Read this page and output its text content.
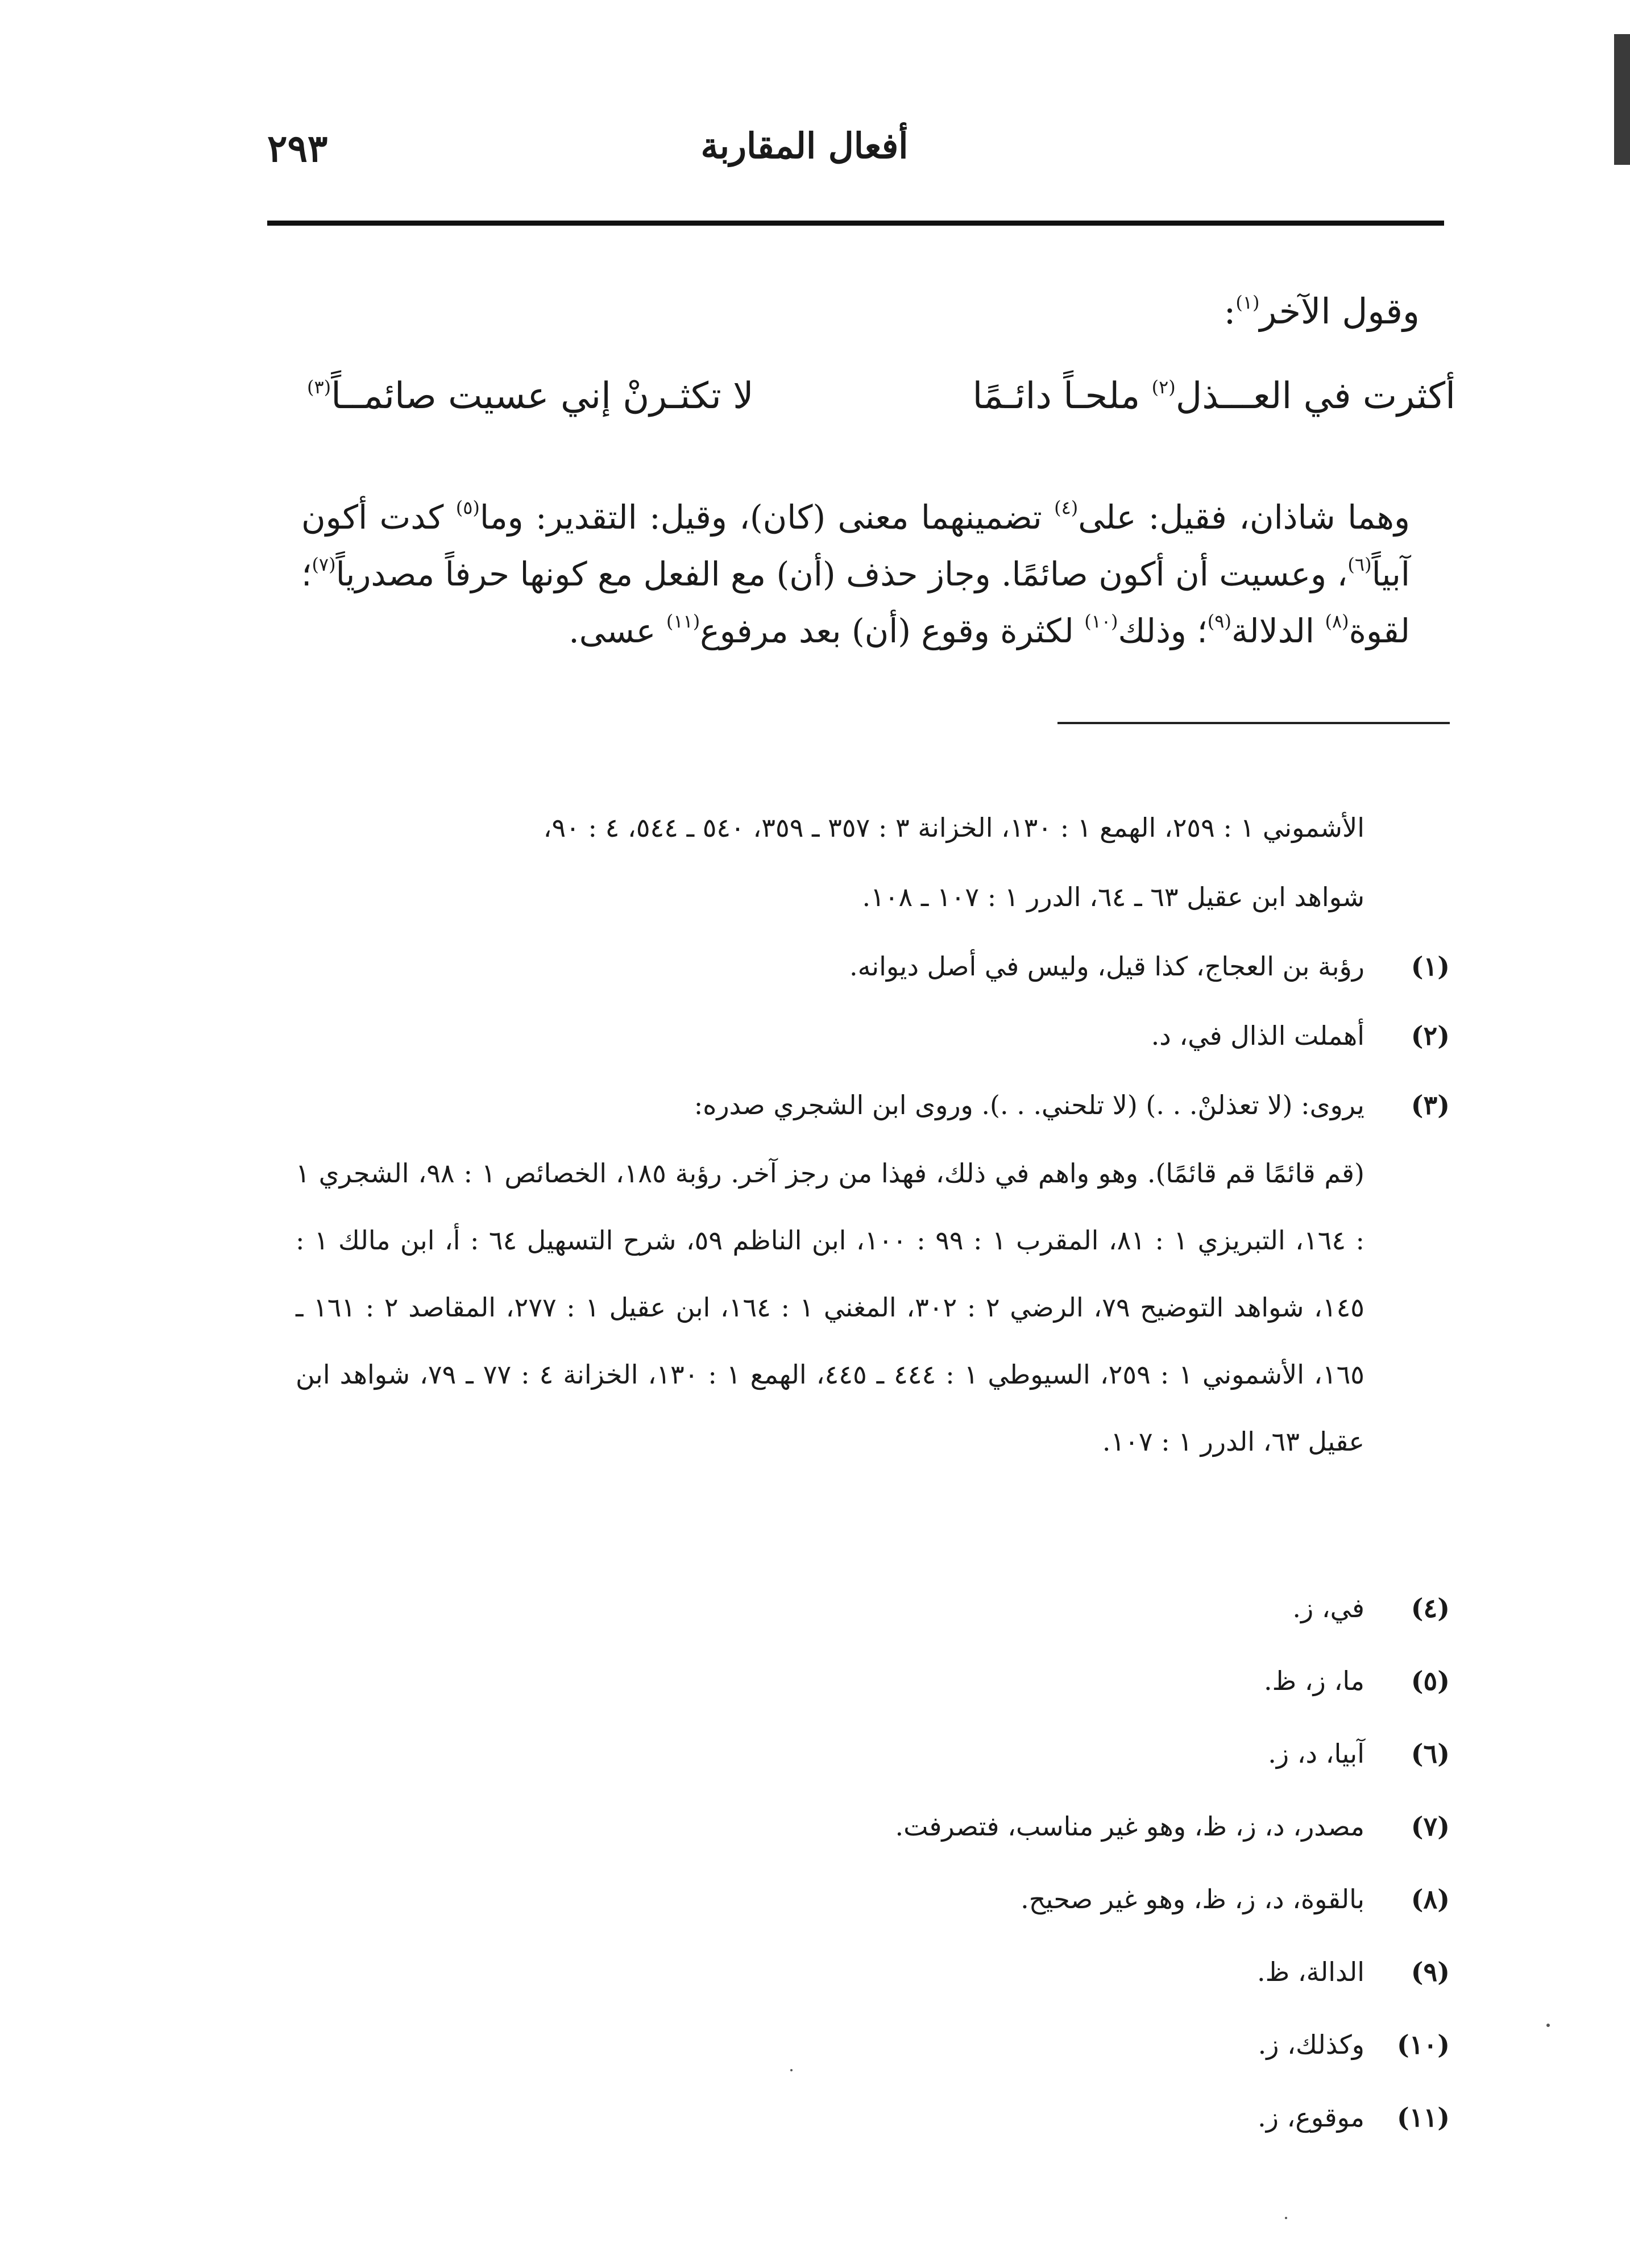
أفعال المقاربة
٢٩٣
وقول الآخر$^{(١)}$:
أكثرت في العـــذل$^{(٢)}$ ملحـاً دائـمًا
لا تكثـرنْ إني عسيت صائمــاً$^{(٣)}$

وهما شاذان، فقيل: على$^{(٤)}$ تضمينهما معنى (كان)، وقيل: التقدير: وما$^{(٥)}$ كدت أكون آبياً$^{(٦)}$، وعسيت أن أكون صائمًا. وجاز حذف (أن) مع الفعل مع كونها حرفاً مصدرياً$^{(٧)}$؛ لقوة$^{(٨)}$ الدلالة$^{(٩)}$؛ وذلك$^{(١٠)}$ لكثرة وقوع (أن) بعد مرفوع$^{(١١)}$ عسى.

الأشموني ١ : ٢٥٩، الهمع ١ : ١٣٠، الخزانة ٣ : ٣٥٧ ـ ٣٥٩، ٥٤٠ ـ ٥٤٤، ٤ : ٩٠،

شواهد ابن عقيل ٦٣ ـ ٦٤، الدرر ١ : ١٠٧ ـ ١٠٨.

(١)
رؤبة بن العجاج، كذا قيل، وليس في أصل ديوانه.
(٢)
أهملت الذال في، د.
(٣)
يروى: (لا تعذلنْ. . .) (لا تلحني. . .). وروى ابن الشجري صدره:

(قم قائمًا قم قائمًا). وهو واهم في ذلك، فهذا من رجز آخر. رؤبة ١٨٥، الخصائص ١ : ٩٨، الشجري ١ : ١٦٤، التبريزي ١ : ٨١، المقرب ١ : ٩٩ : ١٠٠، ابن الناظم ٥٩، شرح التسهيل ٦٤ : أ، ابن مالك ١ : ١٤٥، شواهد التوضيح ٧٩، الرضي ٢ : ٣٠٢، المغني ١ : ١٦٤، ابن عقيل ١ : ٢٧٧، المقاصد ٢ : ١٦١ ـ ١٦٥، الأشموني ١ : ٢٥٩، السيوطي ١ : ٤٤٤ ـ ٤٤٥، الهمع ١ : ١٣٠، الخزانة ٤ : ٧٧ ـ ٧٩، شواهد ابن عقيل ٦٣، الدرر ١ : ١٠٧.

(٤)
في، ز.
(٥)
ما، ز، ظ.
(٦)
آبيا، د، ز.
(٧)
مصدر، د، ز، ظ، وهو غير مناسب، فتصرفت.
(٨)
بالقوة، د، ز، ظ، وهو غير صحيح.
(٩)
الدالة، ظ.
(١٠)
وكذلك، ز.
(١١)
موقوع، ز.
